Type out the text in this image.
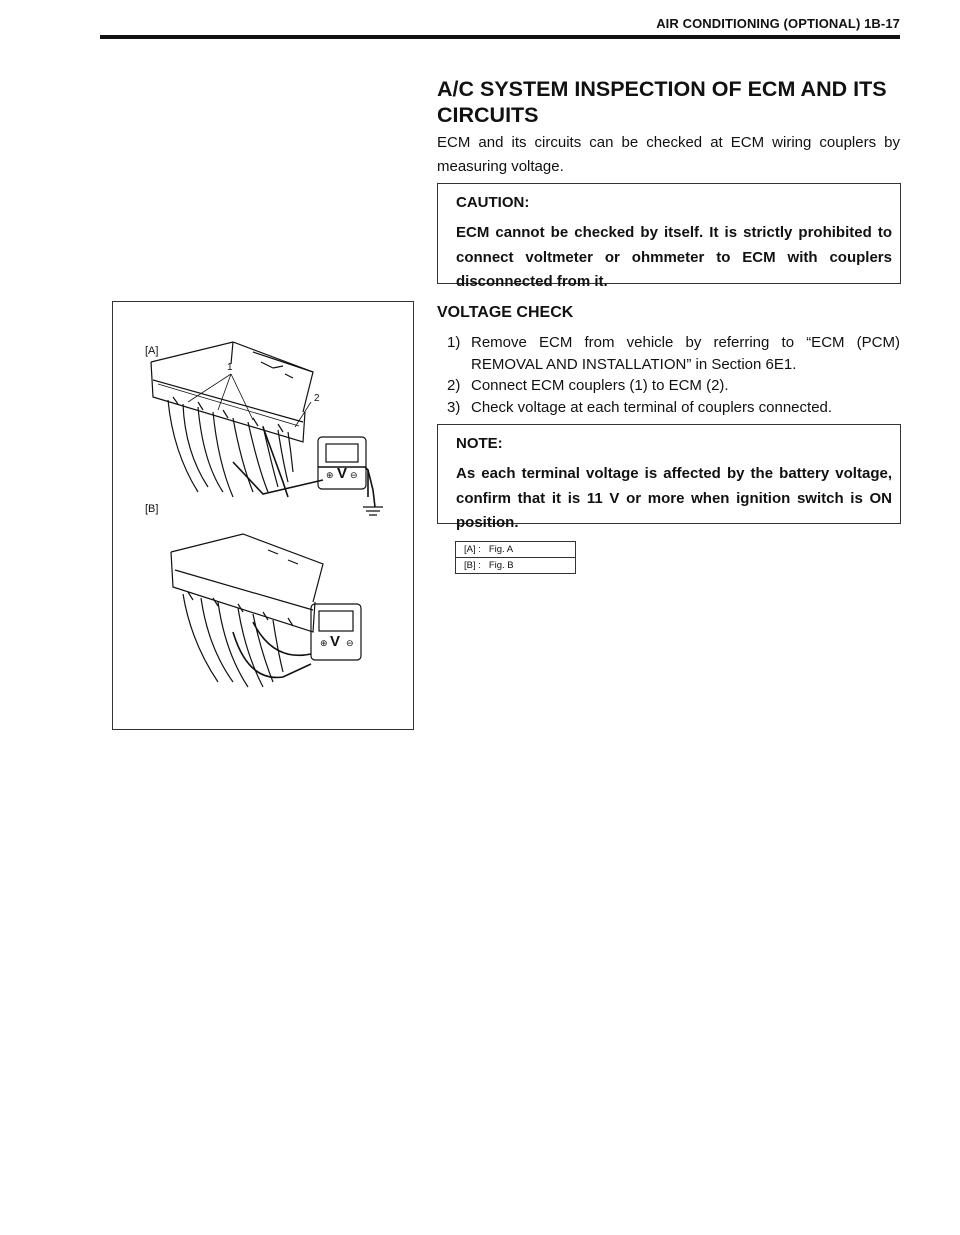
AIR CONDITIONING (OPTIONAL) 1B-17
A/C SYSTEM INSPECTION OF ECM AND ITS CIRCUITS

ECM and its circuits can be checked at ECM wiring couplers by measuring voltage.

CAUTION:

ECM cannot be checked by itself. It is strictly prohibited to connect voltmeter or ohmmeter to ECM with couplers disconnected from it.

⊕ ⊖
⊕ ⊖
[A]
[B]
1
2
V
V
VOLTAGE CHECK
1) Remove ECM from vehicle by referring to “ECM (PCM) REMOVAL AND INSTALLATION” in Section 6E1.
2) Connect ECM couplers (1) to ECM (2).
3) Check voltage at each terminal of couplers connected.

NOTE:

As each terminal voltage is affected by the battery voltage, confirm that it is 11 V or more when ignition switch is ON position.

[A] : Fig. A
[B] : Fig. B
